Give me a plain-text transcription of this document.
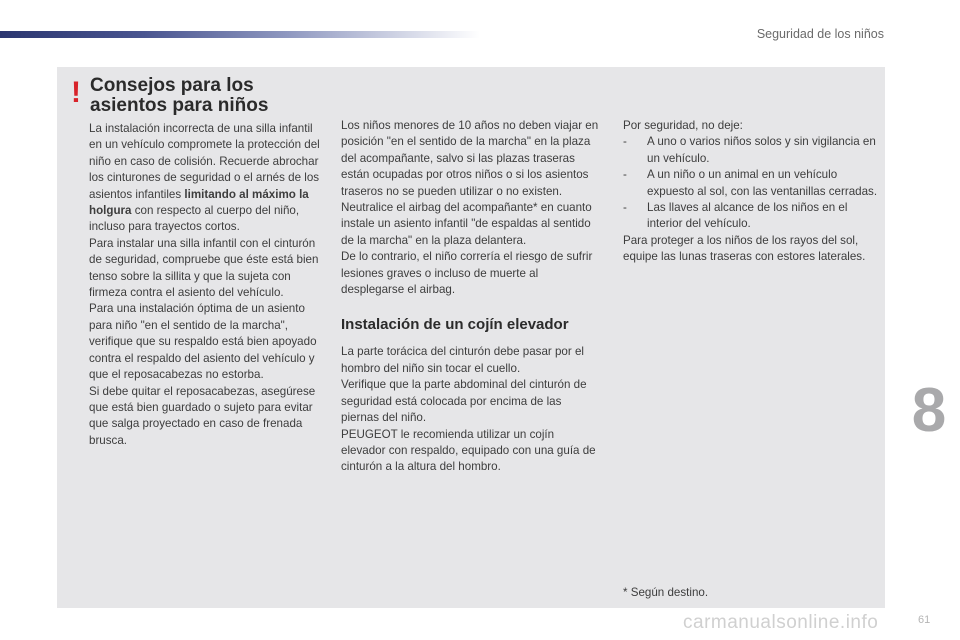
Seguridad de los niños
! Consejos para los asientos para niños

La instalación incorrecta de una silla infantil en un vehículo compromete la protección del niño en caso de colisión. Recuerde abrochar los cinturones de seguridad o el arnés de los asientos infantiles limitando al máximo la holgura con respecto al cuerpo del niño, incluso para trayectos cortos.

Para instalar una silla infantil con el cinturón de seguridad, compruebe que éste está bien tenso sobre la sillita y que la sujeta con firmeza contra el asiento del vehículo.

Para una instalación óptima de un asiento para niño "en el sentido de la marcha", verifique que su respaldo está bien apoyado contra el respaldo del asiento del vehículo y que el reposacabezas no estorba.

Si debe quitar el reposacabezas, asegúrese que está bien guardado o sujeto para evitar que salga proyectado en caso de frenada brusca.

Los niños menores de 10 años no deben viajar en posición "en el sentido de la marcha" en la plaza del acompañante, salvo si las plazas traseras están ocupadas por otros niños o si los asientos traseros no se pueden utilizar o no existen.

Neutralice el airbag del acompañante* en cuanto instale un asiento infantil "de espaldas al sentido de la marcha" en la plaza delantera.

De lo contrario, el niño correría el riesgo de sufrir lesiones graves o incluso de muerte al desplegarse el airbag.

Instalación de un cojín elevador

La parte torácica del cinturón debe pasar por el hombro del niño sin tocar el cuello.

Verifique que la parte abdominal del cinturón de seguridad está colocada por encima de las piernas del niño.

PEUGEOT le recomienda utilizar un cojín elevador con respaldo, equipado con una guía de cinturón a la altura del hombro.

Por seguridad, no deje:

- A uno o varios niños solos y sin vigilancia en un vehículo.

- A un niño o un animal en un vehículo expuesto al sol, con las ventanillas cerradas.

- Las llaves al alcance de los niños en el interior del vehículo.

Para proteger a los niños de los rayos del sol, equipe las lunas traseras con estores laterales.

* Según destino.
8
carmanualsonline.info	61
